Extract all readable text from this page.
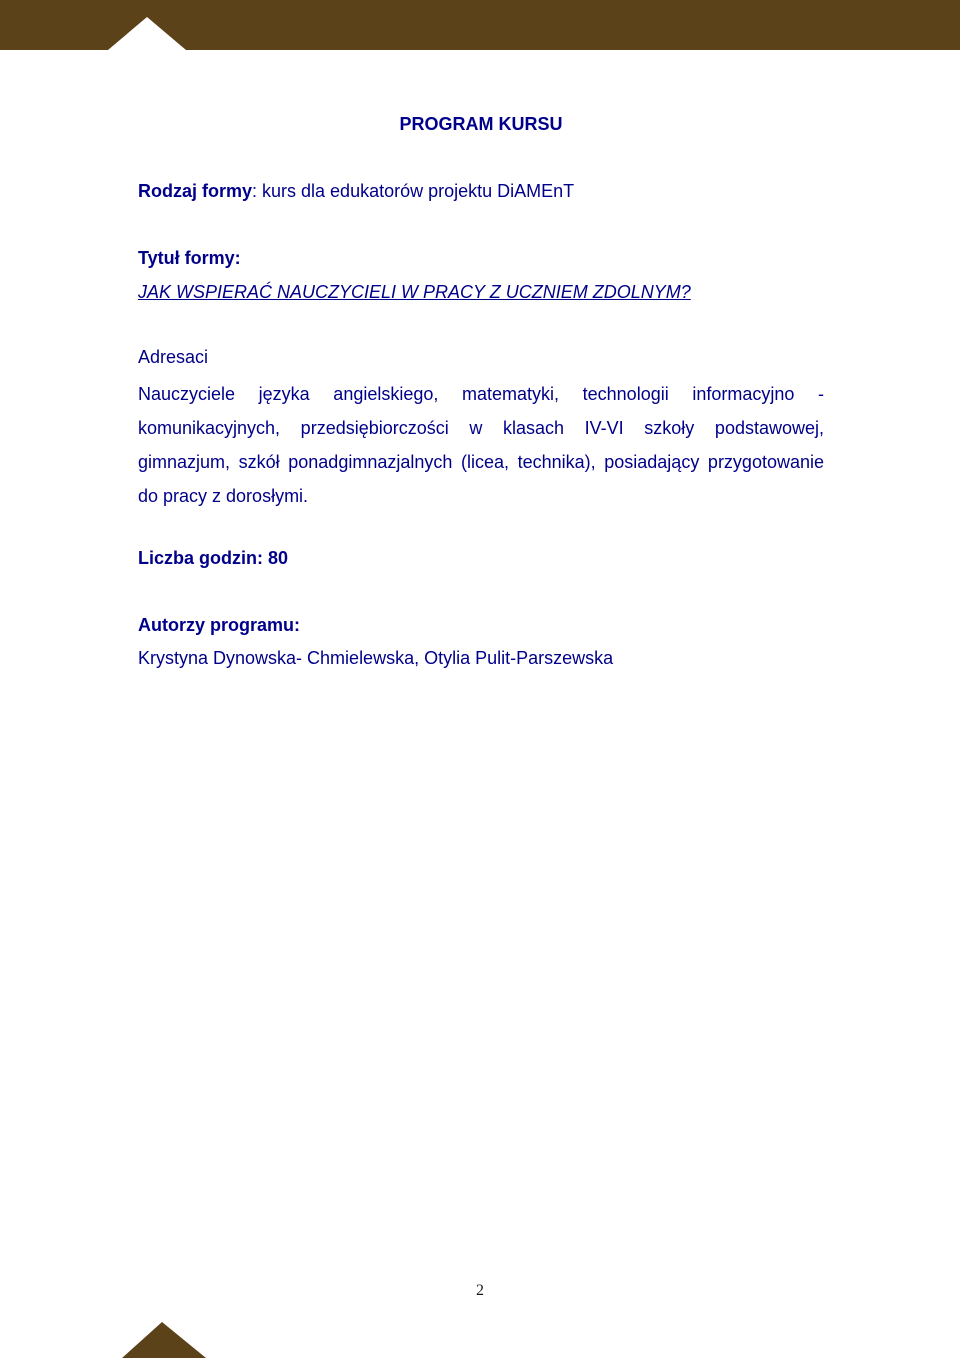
PROGRAM KURSU
Rodzaj formy: kurs dla edukatorów projektu DiAMEnT
Tytuł formy:
JAK WSPIERAĆ NAUCZYCIELI W PRACY Z UCZNIEM ZDOLNYM?
Adresaci
Nauczyciele języka angielskiego, matematyki, technologii informacyjno - komunikacyjnych, przedsiębiorczości w klasach IV-VI szkoły podstawowej, gimnazjum, szkół ponadgimnazjalnych (licea, technika), posiadający przygotowanie do pracy z dorosłymi.
Liczba godzin: 80
Autorzy programu:
Krystyna Dynowska- Chmielewska, Otylia Pulit-Parszewska
2
